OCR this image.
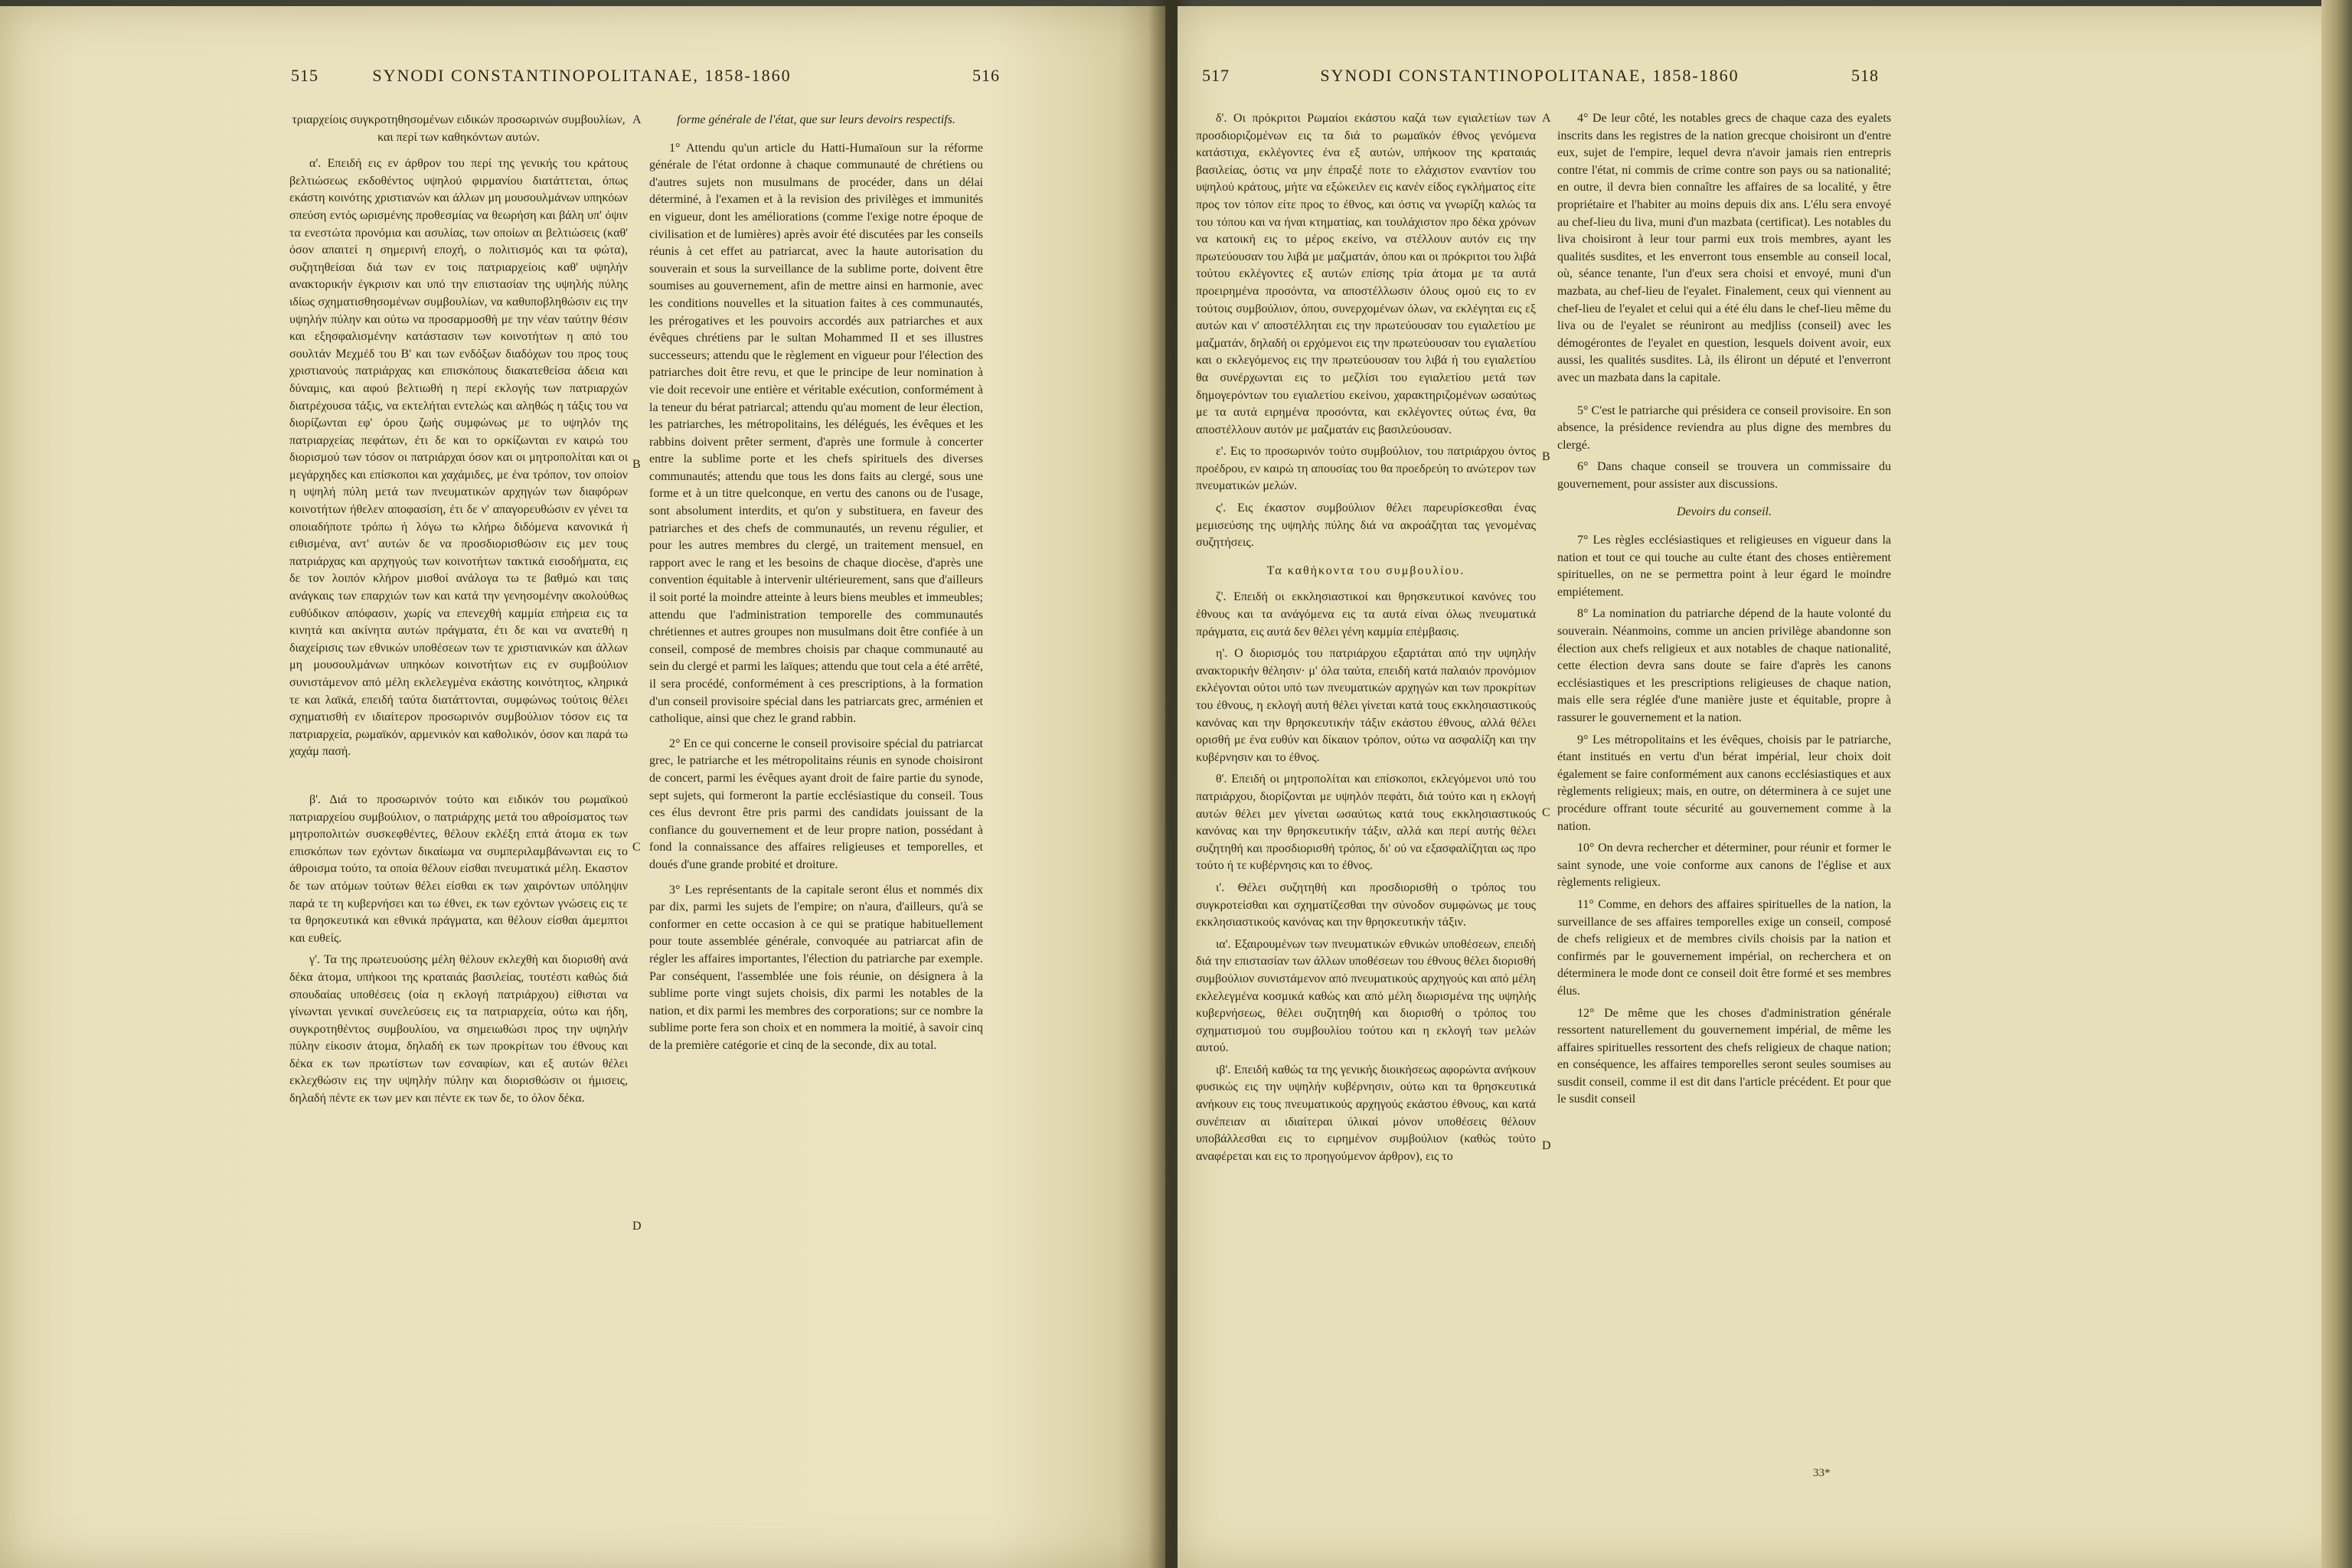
515	SYNODI CONSTANTINOPOLITANAE, 1858-1860	516

τριαρχείοις συγκροτηθησομένων ειδικών προσωρινών συμβουλίων, και περί των καθηκόντων αυτών.

α'. Επειδή εις εν άρθρον του περί της γενικής του κράτους βελτιώσεως εκδοθέντος υψηλού φιρμανίου διατάττεται, όπως εκάστη κοινότης χριστιανών και άλλων μη μουσουλμάνων υπηκόων σπεύση εντός ωρισμένης προθεσμίας να θεωρήση και βάλη υπ' όψιν τα ενεστώτα προνόμια και ασυλίας, των οποίων αι βελτιώσεις (καθ' όσον απαιτεί η σημερινή εποχή, ο πολιτισμός και τα φώτα), συζητηθείσαι διά των εν τοις πατριαρχείοις καθ' υψηλήν ανακτορικήν έγκρισιν και υπό την επιστασίαν της υψηλής πύλης ιδίως σχηματισθησομένων συμβουλίων, να καθυποβληθώσιν εις την υψηλήν πύλην και ούτω να προσαρμοσθή με την νέαν ταύτην θέσιν και εξησφαλισμένην κατάστασιν των κοινοτήτων η από του σουλτάν Μεχμέδ του Β' και των ενδόξων διαδόχων του προς τους χριστιανούς πατριάρχας και επισκόπους διακατεθείσα άδεια και δύναμις, και αφού βελτιωθή η περί εκλογής των πατριαρχών διατρέχουσα τάξις, να εκτελήται εντελώς και αληθώς η τάξις του να διορίζωνται εφ' όρου ζωής συμφώνως με το υψηλόν της πατριαρχείας πεφάτων, έτι δε και το ορκίζωνται εν καιρώ του διορισμού των τόσον οι πατριάρχαι όσον και οι μητροπολίται και οι μεγάρχηδες και επίσκοποι και χαχάμιδες, με ένα τρόπον, τον οποίον η υψηλή πύλη μετά των πνευματικών αρχηγών των διαφόρων κοινοτήτων ήθελεν αποφασίση, έτι δε ν' απαγορευθώσιν εν γένει τα οποιαδήποτε τρόπω ή λόγω τω κλήρω διδόμενα κανονικά ή ειθισμένα, αντ' αυτών δε να προσδιορισθώσιν εις μεν τους πατριάρχας και αρχηγούς των κοινοτήτων τακτικά εισοδήματα, εις δε τον λοιπόν κλήρον μισθοί ανάλογα τω τε βαθμώ και ταις ανάγκαις των επαρχιών των και κατά την γενησομένην ακολούθως ευθύδικον απόφασιν, χωρίς να επενεχθή καμμία επήρεια εις τα κινητά και ακίνητα αυτών πράγματα, έτι δε και να ανατεθή η διαχείρισις των εθνικών υποθέσεων των τε χριστιανικών και άλλων μη μουσουλμάνων υπηκόων κοινοτήτων εις εν συμβούλιον συνιστάμενον από μέλη εκλελεγμένα εκάστης κοινότητος, κληρικά τε και λαϊκά, επειδή ταύτα διατάττονται, συμφώνως τούτοις θέλει σχηματισθή εν ιδιαίτερον προσωρινόν συμβούλιον τόσον εις τα πατριαρχεία, ρωμαϊκόν, αρμενικόν και καθολικόν, όσον και παρά τω χαχάμ πασή.

β'. Διά το προσωρινόν τούτο και ειδικόν του ρωμαϊκού πατριαρχείου συμβούλιον, ο πατριάρχης μετά του αθροίσματος των μητροπολιτών συσκεφθέντες, θέλουν εκλέξη επτά άτομα εκ των επισκόπων των εχόντων δικαίωμα να συμπεριλαμβάνωνται εις το άθροισμα τούτο, τα οποία θέλουν είσθαι πνευματικά μέλη. Εκαστον δε των ατόμων τούτων θέλει είσθαι εκ των χαιρόντων υπόληψιν παρά τε τη κυβερνήσει και τω έθνει, εκ των εχόντων γνώσεις εις τε τα θρησκευτικά και εθνικά πράγματα, και θέλουν είσθαι άμεμπτοι και ευθείς.

γ'. Τα της πρωτευούσης μέλη θέλουν εκλεχθή και διορισθή ανά δέκα άτομα, υπήκοοι της κραταιάς βασιλείας, τουτέστι καθώς διά σπουδαίας υποθέσεις (οία η εκλογή πατριάρχου) είθισται να γίνωνται γενικαί συνελεύσεις εις τα πατριαρχεία, ούτω και ήδη, συγκροτηθέντος συμβουλίου, να σημειωθώσι προς την υψηλήν πύλην είκοσιν άτομα, δηλαδή εκ των προκρίτων του έθνους και δέκα εκ των πρωτίστων των εσναφίων, και εξ αυτών θέλει εκλεχθώσιν εις την υψηλήν πύλην και διορισθώσιν οι ήμισεις, δηλαδή πέντε εκ των μεν και πέντε εκ των δε, το όλον δέκα.

A
B
C
D

forme générale de l'état, que sur leurs devoirs respectifs.

1° Attendu qu'un article du Hatti-Humaïoun sur la réforme générale de l'état ordonne à chaque communauté de chrétiens ou d'autres sujets non musulmans de procéder, dans un délai déterminé, à l'examen et à la revision des privilèges et immunités en vigueur, dont les améliorations (comme l'exige notre époque de civilisation et de lumières) après avoir été discutées par les conseils réunis à cet effet au patriarcat, avec la haute autorisation du souverain et sous la surveillance de la sublime porte, doivent être soumises au gouvernement, afin de mettre ainsi en harmonie, avec les conditions nouvelles et la situation faites à ces communautés, les prérogatives et les pouvoirs accordés aux patriarches et aux évêques chrétiens par le sultan Mohammed II et ses illustres successeurs; attendu que le règlement en vigueur pour l'élection des patriarches doit être revu, et que le principe de leur nomination à vie doit recevoir une entière et véritable exécution, conformément à la teneur du bérat patriarcal; attendu qu'au moment de leur élection, les patriarches, les métropolitains, les délégués, les évêques et les rabbins doivent prêter serment, d'après une formule à concerter entre la sublime porte et les chefs spirituels des diverses communautés; attendu que tous les dons faits au clergé, sous une forme et à un titre quelconque, en vertu des canons ou de l'usage, sont absolument interdits, et qu'on y substituera, en faveur des patriarches et des chefs de communautés, un revenu régulier, et pour les autres membres du clergé, un traitement mensuel, en rapport avec le rang et les besoins de chaque diocèse, d'après une convention équitable à intervenir ultérieurement, sans que d'ailleurs il soit porté la moindre atteinte à leurs biens meubles et immeubles; attendu que l'administration temporelle des communautés chrétiennes et autres groupes non musulmans doit être confiée à un conseil, composé de membres choisis par chaque communauté au sein du clergé et parmi les laïques; attendu que tout cela a été arrêté, il sera procédé, conformément à ces prescriptions, à la formation d'un conseil provisoire spécial dans les patriarcats grec, arménien et catholique, ainsi que chez le grand rabbin.

2° En ce qui concerne le conseil provisoire spécial du patriarcat grec, le patriarche et les métropolitains réunis en synode choisiront de concert, parmi les évêques ayant droit de faire partie du synode, sept sujets, qui formeront la partie ecclésiastique du conseil. Tous ces élus devront être pris parmi des candidats jouissant de la confiance du gouvernement et de leur propre nation, possédant à fond la connaissance des affaires religieuses et temporelles, et doués d'une grande probité et droiture.

3° Les représentants de la capitale seront élus et nommés dix par dix, parmi les sujets de l'empire; on n'aura, d'ailleurs, qu'à se conformer en cette occasion à ce qui se pratique habituellement pour toute assemblée générale, convoquée au patriarcat afin de régler les affaires importantes, l'élection du patriarche par exemple. Par conséquent, l'assemblée une fois réunie, on désignera à la sublime porte vingt sujets choisis, dix parmi les notables de la nation, et dix parmi les membres des corporations; sur ce nombre la sublime porte fera son choix et en nommera la moitié, à savoir cinq de la première catégorie et cinq de la seconde, dix au total.

517	SYNODI CONSTANTINOPOLITANAE, 1858-1860	518

δ'. Οι πρόκριτοι Ρωμαίοι εκάστου καζά των εγιαλετίων των προσδιοριζομένων εις τα διά το ρωμαϊκόν έθνος γενόμενα κατάστιχα, εκλέγοντες ένα εξ αυτών, υπήκοον της κραταιάς βασιλείας, όστις να μην έπραξέ ποτε το ελάχιστον εναντίον του υψηλού κράτους, μήτε να εξώκειλεν εις κανέν είδος εγκλήματος είτε προς τον τόπον είτε προς το έθνος, και όστις να γνωρίζη καλώς τα του τόπου και να ήναι κτηματίας, και τουλάχιστον προ δέκα χρόνων να κατοική εις το μέρος εκείνο, να στέλλουν αυτόν εις την πρωτεύουσαν του λιβά με μαζματάν, όπου και οι πρόκριτοι του λιβά τούτου εκλέγοντες εξ αυτών επίσης τρία άτομα με τα αυτά προειρημένα προσόντα, να αποστέλλωσιν όλους ομού εις το εν τούτοις συμβούλιον, όπου, συνερχομένων όλων, να εκλέγηται εις εξ αυτών και ν' αποστέλληται εις την πρωτεύουσαν του εγιαλετίου με μαζματάν, δηλαδή οι ερχόμενοι εις την πρωτεύουσαν του εγιαλετίου και ο εκλεγόμενος εις την πρωτεύουσαν του λιβά ή του εγιαλετίου θα συνέρχωνται εις το μεζλίσι του εγιαλετίου μετά των δημογερόντων του εγιαλετίου εκείνου, χαρακτηριζομένων ωσαύτως με τα αυτά ειρημένα προσόντα, και εκλέγοντες ούτως ένα, θα αποστέλλουν αυτόν με μαζματάν εις βασιλεύουσαν.

ε'. Εις το προσωρινόν τούτο συμβούλιον, του πατριάρχου όντος προέδρου, εν καιρώ τη απουσίας του θα προεδρεύη το ανώτερον των πνευματικών μελών.

ς'. Εις έκαστον συμβούλιον θέλει παρευρίσκεσθαι ένας μεμισεύσης της υψηλής πύλης διά να ακροάζηται τας γενομένας συζητήσεις.

Τα καθήκοντα του συμβουλίου.

ζ'. Επειδή οι εκκλησιαστικοί και θρησκευτικοί κανόνες του έθνους και τα ανάγόμενα εις τα αυτά είναι όλως πνευματικά πράγματα, εις αυτά δεν θέλει γένη καμμία επέμβασις.

η'. Ο διορισμός του πατριάρχου εξαρτάται από την υψηλήν ανακτορικήν θέλησιν· μ' όλα ταύτα, επειδή κατά παλαιόν προνόμιον εκλέγονται ούτοι υπό των πνευματικών αρχηγών και των προκρίτων του έθνους, η εκλογή αυτή θέλει γίνεται κατά τους εκκλησιαστικούς κανόνας και την θρησκευτικήν τάξιν εκάστου έθνους, αλλά θέλει ορισθή με ένα ευθύν και δίκαιον τρόπον, ούτω να ασφαλίζη και την κυβέρνησιν και το έθνος.

θ'. Επειδή οι μητροπολίται και επίσκοποι, εκλεγόμενοι υπό του πατριάρχου, διορίζονται με υψηλόν πεφάτι, διά τούτο και η εκλογή αυτών θέλει μεν γίνεται ωσαύτως κατά τους εκκλησιαστικούς κανόνας και την θρησκευτικήν τάξιν, αλλά και περί αυτής θέλει συζητηθή και προσδιορισθή τρόπος, δι' ού να εξασφαλίζηται ως προ τούτο ή τε κυβέρνησις και το έθνος.

ι'. Θέλει συζητηθή και προσδιορισθή ο τρόπος του συγκροτείσθαι και σχηματίζεσθαι την σύνοδον συμφώνως με τους εκκλησιαστικούς κανόνας και την θρησκευτικήν τάξιν.

ια'. Εξαιρουμένων των πνευματικών εθνικών υποθέσεων, επειδή διά την επιστασίαν των άλλων υποθέσεων του έθνους θέλει διορισθή συμβούλιον συνιστάμενον από πνευματικούς αρχηγούς και από μέλη εκλελεγμένα κοσμικά καθώς και από μέλη διωρισμένα της υψηλής κυβερνήσεως, θέλει συζητηθή και διορισθή ο τρόπος του σχηματισμού του συμβουλίου τούτου και η εκλογή των μελών αυτού.

ιβ'. Επειδή καθώς τα της γενικής διοικήσεως αφορώντα ανήκουν φυσικώς εις την υψηλήν κυβέρνησιν, ούτω και τα θρησκευτικά ανήκουν εις τους πνευματικούς αρχηγούς εκάστου έθνους, και κατά συνέπειαν αι ιδιαίτεραι ύλικαί μόνον υποθέσεις θέλουν υποβάλλεσθαι εις το ειρημένον συμβούλιον (καθώς τούτο αναφέρεται και εις το προηγούμενον άρθρον), εις το

A
B
C
D

4° De leur côté, les notables grecs de chaque caza des eyalets inscrits dans les registres de la nation grecque choisiront un d'entre eux, sujet de l'empire, lequel devra n'avoir jamais rien entrepris contre l'état, ni commis de crime contre son pays ou sa nationalité; en outre, il devra bien connaître les affaires de sa localité, y être propriétaire et l'habiter au moins depuis dix ans. L'élu sera envoyé au chef-lieu du liva, muni d'un mazbata (certificat). Les notables du liva choisiront à leur tour parmi eux trois membres, ayant les qualités susdites, et les enverront tous ensemble au conseil local, où, séance tenante, l'un d'eux sera choisi et envoyé, muni d'un mazbata, au chef-lieu de l'eyalet. Finalement, ceux qui viennent au chef-lieu de l'eyalet et celui qui a été élu dans le chef-lieu même du liva ou de l'eyalet se réuniront au medjliss (conseil) avec les démogérontes de l'eyalet en question, lesquels doivent avoir, eux aussi, les qualités susdites. Là, ils éliront un député et l'enverront avec un mazbata dans la capitale.

5° C'est le patriarche qui présidera ce conseil provisoire. En son absence, la présidence reviendra au plus digne des membres du clergé.

6° Dans chaque conseil se trouvera un commissaire du gouvernement, pour assister aux discussions.

Devoirs du conseil.

7° Les règles ecclésiastiques et religieuses en vigueur dans la nation et tout ce qui touche au culte étant des choses entièrement spirituelles, on ne se permettra point à leur égard le moindre empiétement.

8° La nomination du patriarche dépend de la haute volonté du souverain. Néanmoins, comme un ancien privilège abandonne son élection aux chefs religieux et aux notables de chaque nationalité, cette élection devra sans doute se faire d'après les canons ecclésiastiques et les prescriptions religieuses de chaque nation, mais elle sera réglée d'une manière juste et équitable, propre à rassurer le gouvernement et la nation.

9° Les métropolitains et les évêques, choisis par le patriarche, étant institués en vertu d'un bérat impérial, leur choix doit également se faire conformément aux canons ecclésiastiques et aux règlements religieux; mais, en outre, on déterminera à ce sujet une procédure offrant toute sécurité au gouvernement comme à la nation.

10° On devra rechercher et déterminer, pour réunir et former le saint synode, une voie conforme aux canons de l'église et aux règlements religieux.

11° Comme, en dehors des affaires spirituelles de la nation, la surveillance de ses affaires temporelles exige un conseil, composé de chefs religieux et de membres civils choisis par la nation et confirmés par le gouvernement impérial, on recherchera et on déterminera le mode dont ce conseil doit être formé et ses membres élus.

12° De même que les choses d'administration générale ressortent naturellement du gouvernement impérial, de même les affaires spirituelles ressortent des chefs religieux de chaque nation; en conséquence, les affaires temporelles seront seules soumises au susdit conseil, comme il est dit dans l'article précédent. Et pour que le susdit conseil

33*
